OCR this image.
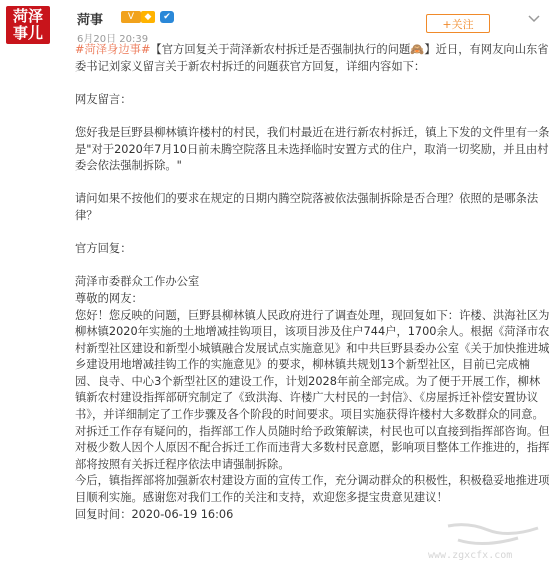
菏泽
事儿
菏事	V	◆	✔
6月20日 20:39
+关注

#菏泽身边事#【官方回复关于菏泽新农村拆迁是否强制执行的问题🙈】近日，有网友向山东省委书记刘家义留言关于新农村拆迁的问题获官方回复，详细内容如下：

网友留言：

您好我是巨野县柳林镇许楼村的村民，我们村最近在进行新农村拆迁，镇上下发的文件里有一条是"对于2020年7月10日前未腾空院落且未选择临时安置方式的住户，取消一切奖励，并且由村委会依法强制拆除。"

请问如果不按他们的要求在规定的日期内腾空院落被依法强制拆除是否合理？依照的是哪条法律？

官方回复：

菏泽市委群众工作办公室

尊敬的网友：

您好！您反映的问题，巨野县柳林镇人民政府进行了调查处理，现回复如下：许楼、洪海社区为柳林镇2020年实施的土地增减挂钩项目，该项目涉及住户744户，1700余人。根据《菏泽市农村新型社区建设和新型小城镇融合发展试点实施意见》和中共巨野县委办公室《关于加快推进城乡建设用地增减挂钩工作的实施意见》的要求，柳林镇共规划13个新型社区，目前已完成楠园、良寺、中心3个新型社区的建设工作，计划2028年前全部完成。为了便于开展工作，柳林镇新农村建设指挥部研究制定了《致洪海、许楼广大村民的一封信》、《房屋拆迁补偿安置协议书》，并详细制定了工作步骤及各个阶段的时间要求。项目实施获得许楼村大多数群众的同意。对拆迁工作存有疑问的，指挥部工作人员随时给予政策解读，村民也可以直接到指挥部咨询。但对极少数人因个人原因不配合拆迁工作而违背大多数村民意愿，影响项目整体工作推进的，指挥部将按照有关拆迁程序依法申请强制拆除。

今后，镇指挥部将加强新农村建设方面的宣传工作，充分调动群众的积极性，积极稳妥地推进项目顺利实施。感谢您对我们工作的关注和支持，欢迎您多提宝贵意见建议！

回复时间：2020-06-19 16:06

www.zgxcfx.com
